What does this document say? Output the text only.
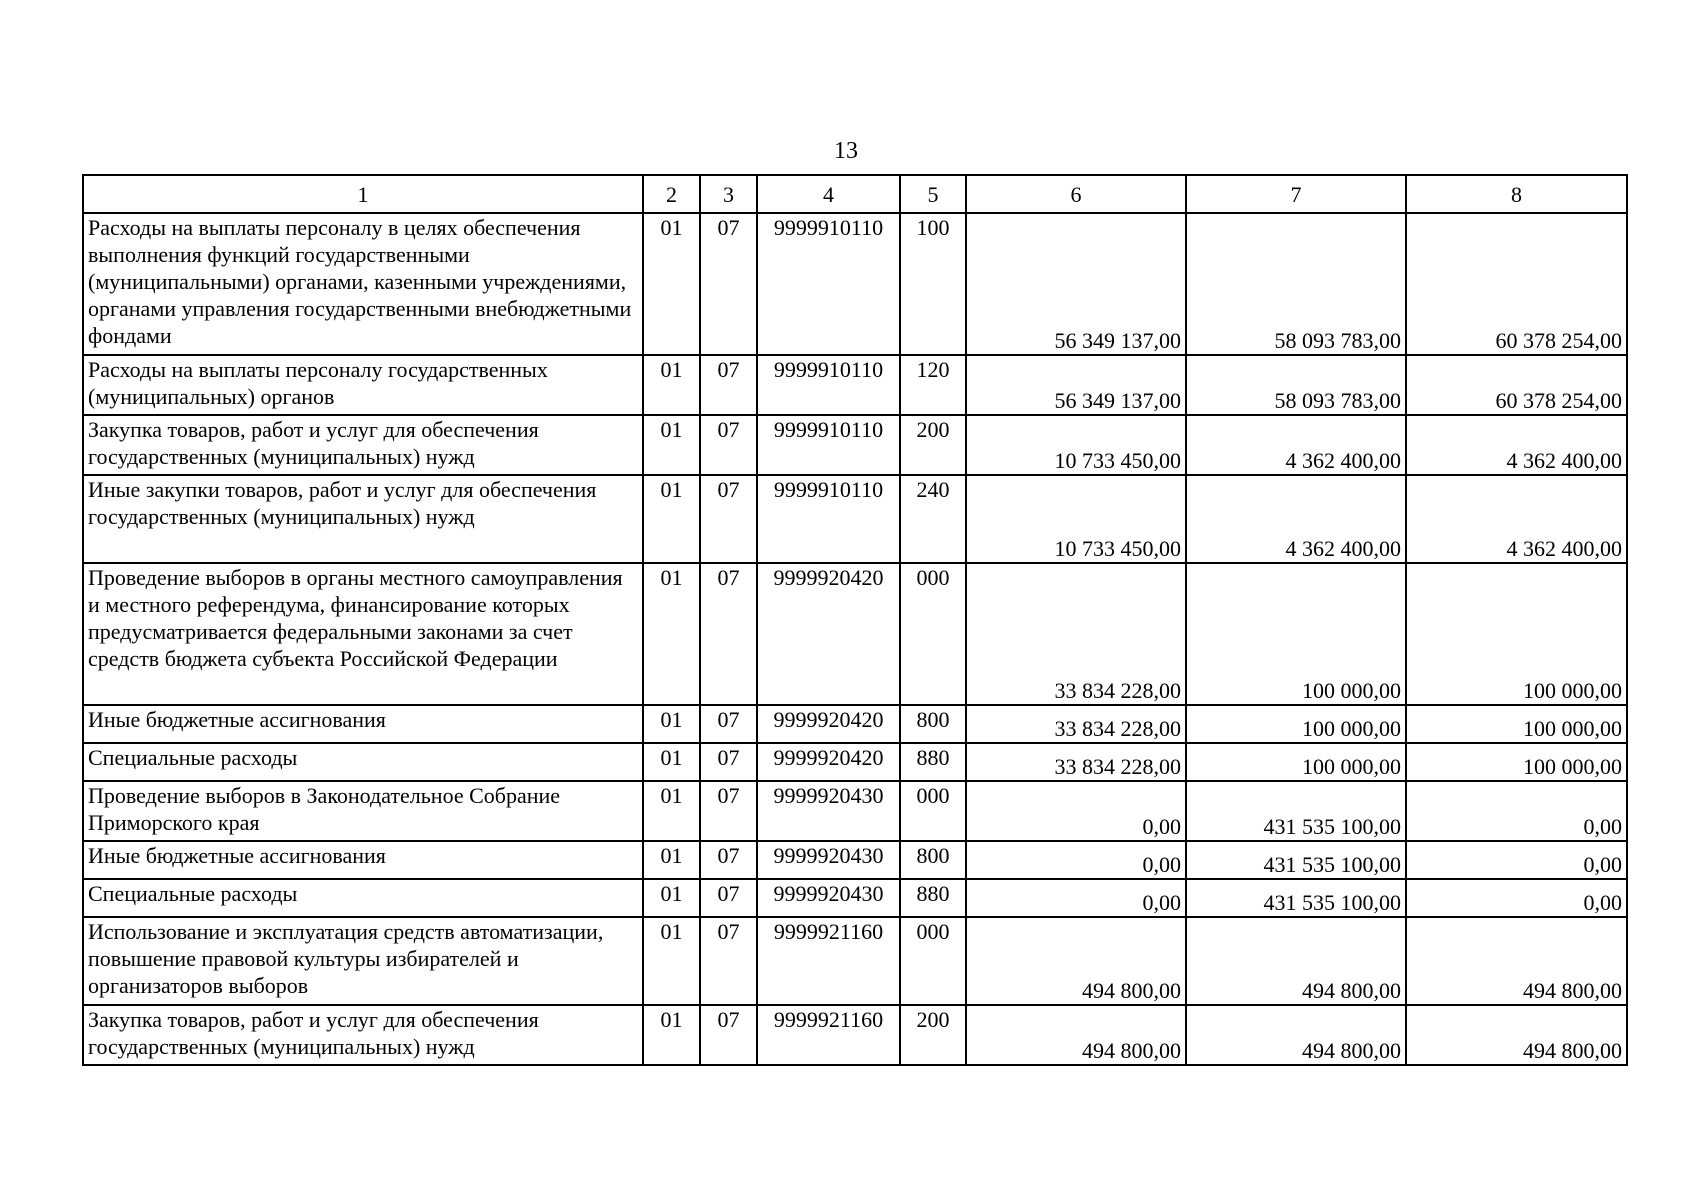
13
1	2	3	4	5	6	7	8
Расходы на выплаты персоналу в целях обеспечения выполнения функций государственными (муниципальными) органами, казенными учреждениями, органами управления государственными внебюджетными фондами	01	07	9999910110	100	56 349 137,00	58 093 783,00	60 378 254,00
Расходы на выплаты персоналу государственных (муниципальных) органов	01	07	9999910110	120	56 349 137,00	58 093 783,00	60 378 254,00
Закупка товаров, работ и услуг для обеспечения государственных (муниципальных) нужд	01	07	9999910110	200	10 733 450,00	4 362 400,00	4 362 400,00
Иные закупки товаров, работ и услуг для обеспечения государственных (муниципальных) нужд	01	07	9999910110	240	10 733 450,00	4 362 400,00	4 362 400,00
Проведение выборов в органы местного самоуправления и местного референдума, финансирование которых предусматривается федеральными законами за счет средств бюджета субъекта Российской Федерации	01	07	9999920420	000	33 834 228,00	100 000,00	100 000,00
Иные бюджетные ассигнования	01	07	9999920420	800	33 834 228,00	100 000,00	100 000,00
Специальные расходы	01	07	9999920420	880	33 834 228,00	100 000,00	100 000,00
Проведение выборов в Законодательное Собрание Приморского края	01	07	9999920430	000	0,00	431 535 100,00	0,00
Иные бюджетные ассигнования	01	07	9999920430	800	0,00	431 535 100,00	0,00
Специальные расходы	01	07	9999920430	880	0,00	431 535 100,00	0,00
Использование и эксплуатация средств автоматизации, повышение правовой культуры избирателей и организаторов выборов	01	07	9999921160	000	494 800,00	494 800,00	494 800,00
Закупка товаров, работ и услуг для обеспечения государственных (муниципальных) нужд	01	07	9999921160	200	494 800,00	494 800,00	494 800,00
